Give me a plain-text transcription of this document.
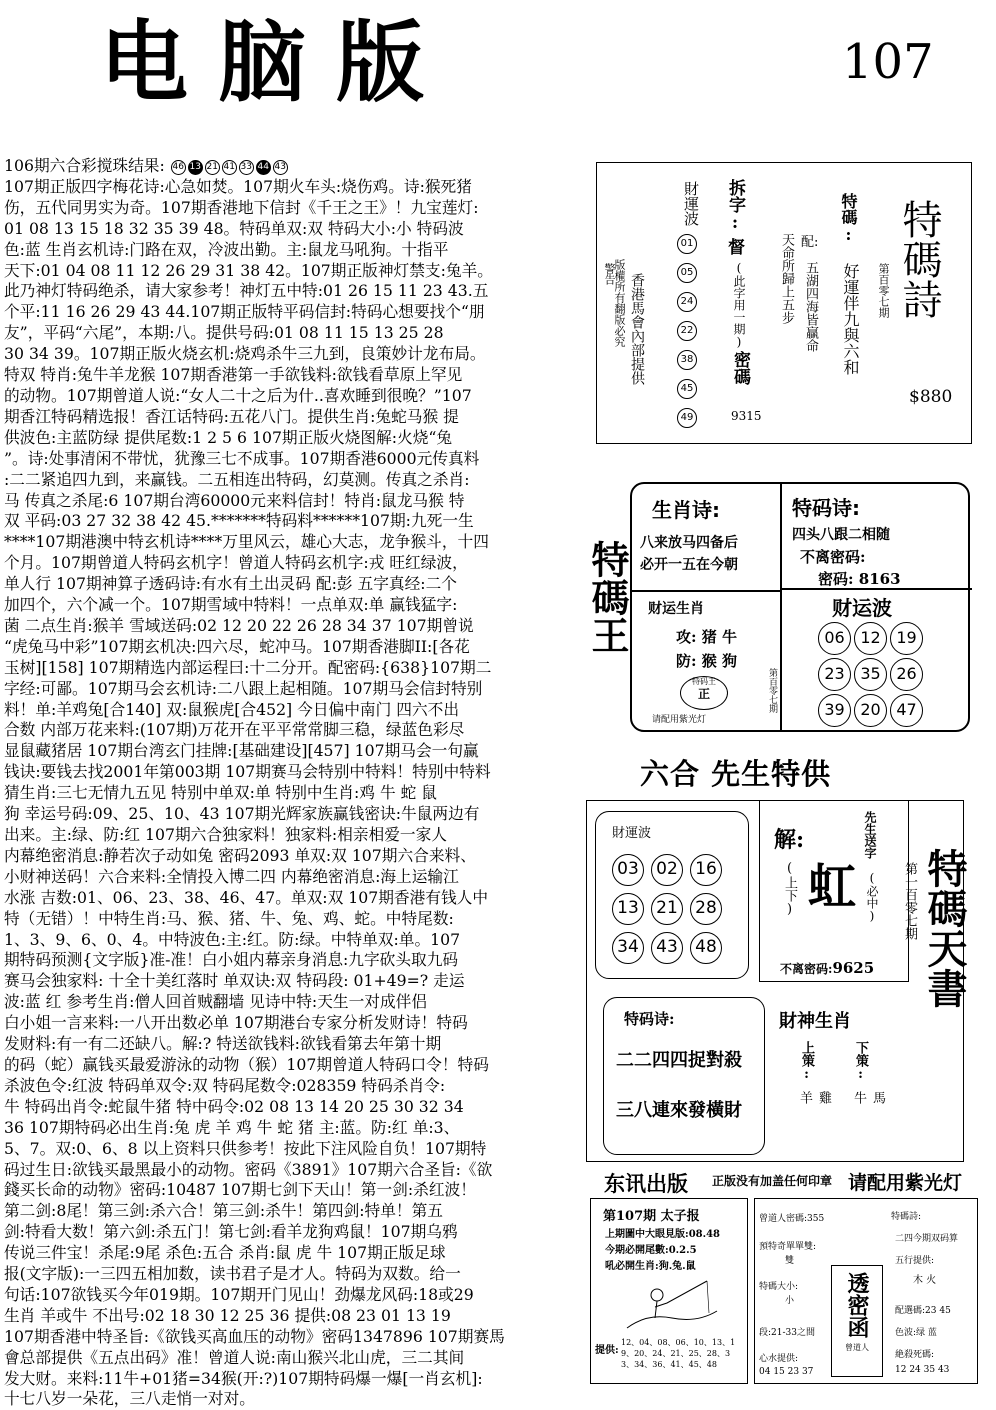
电脑版	107

106期六合彩搅珠结果: 46 13 21 41 33 44 43

107期正版四字梅花诗:心急如焚。107期火车头:烧伤鸡。诗:猴死猪

伤，五代同男实为奇。107期香港地下信封《千王之王》！九宝莲灯:

01 08 13 15 18 32 35 39 48。特码单双:双 特码大小:小 特码波

色:蓝 生肖玄机诗:门路在双，冷波出勤。主:鼠龙马吼狗。十指平

天下:01 04 08 11 12 26 29 31 38 42。107期正版神灯禁支:兔羊。

此乃神灯特码绝杀，请大家参考！神灯五中特:01 26 15 11 23 43.五

个平:11 16 26 29 43 44.107期正版特平码信封:特码心想要找个“朋

友”，平码“六尾”，本期:八。提供号码:01 08 11 15 13 25 28

30 34 39。107期正版火烧玄机:烧鸡杀牛三九到，良策妙计龙布局。

特双 特肖:兔牛羊龙猴 107期香港第一手欲钱料:欲钱看草原上罕见

的动物。107期曾道人说:“女人二十之后为什..喜欢睡到很晚？”107

期香江特码精选报！香江话特码:五花八门。提供生肖:兔蛇马猴 提

供波色:主蓝防绿 提供尾数:1 2 5 6 107期正版火烧图解:火烧“兔

”。诗:处事清闲不带忧，犹豫三七不成事。107期香港6000元传真料

:二二紧追四九到，来赢钱。二五相连出特码，幻莫测。传真之杀肖:

马 传真之杀尾:6 107期台湾60000元来料信封！特肖:鼠龙马猴 特

双 平码:03 27 32 38 42 45.*******特码料******107期:九死一生

****107期港澳中特玄机诗****万里风云，雄心大志，龙争猴斗，十四

个月。107期曾道人特码玄机字！曾道人特码玄机字:戎 旺红绿波，

单人行 107期神算子透码诗:有水有土出灵码 配:彭 五字真经:二个

加四个，六个减一个。107期雪域中特料！一点单双:单 赢钱猛字:

菌 二点生肖:猴羊 雪域送码:02 12 20 22 26 28 34 37 107期曾说

“虎兔马中彩”107期玄机决:四六尽，蛇冲马。107期香港脚II:[各花

玉树][158] 107期精选内部运程曰:十二分开。配密码:{638}107期二

字经:可鄙。107期马会玄机诗:二八跟上起相随。107期马会信封特别

料！单:羊鸡兔[合140] 双:鼠猴虎[合452] 今日偏中南门 四六不出

合数 内部万花来料:(107期)万花开在平平常常脚三稳，绿蓝色彩尽

显鼠藏猪居 107期台湾玄门挂牌:[基础建设][457] 107期马会一句赢

钱诀:要钱去找2001年第003期 107期赛马会特别中特料！特别中特料

猜生肖:三七无情九五见 特别中单双:单 特别中生肖:鸡 牛 蛇 鼠

狗 幸运号码:09、25、10、43 107期光辉家族赢钱密诀:牛鼠两边有

出来。主:绿、防:红 107期六合独家料！独家料:相亲相爱一家人

内幕绝密消息:静若次子动如兔 密码2093 单双:双 107期六合来料、

小财神送码！六合来料:全情投入博二四 内幕绝密消息:海上运输江

水涨 吉数:01、06、23、38、46、47。单双:双 107期香港有钱人中

特（无错）！中特生肖:马、猴、猪、牛、兔、鸡、蛇。中特尾数:

1、3、9、6、0、4。中特波色:主:红。防:绿。中特单双:单。107

期特码预测{文字版}准-准！白小姐内幕亲身消息:九字砍头取九码

赛马会独家料: 十全十美红落时 单双诀:双 特码段: 01+49=? 走运

波:蓝 红 参考生肖:僧人回首贼翻墙 见诗中特:天生一对成伴侣

白小姐一言来料:一八开出数必单 107期港台专家分析发财诗！特码

发财料:有一有二还缺八。解:? 特送欲钱料:欲钱看第去年第十期

的码（蛇）赢钱买最爱游泳的动物（猴）107期曾道人特码口令！特码

杀波色令:红波 特码单双令:双 特码尾数令:028359 特码杀肖令:

牛 特码出肖令:蛇鼠牛猪 特中码令:02 08 13 14 20 25 30 32 34

36 107期特码必出生肖:兔 虎 羊 鸡 牛 蛇 猪 主:蓝。防:红 单:3、

5、7。双:0、6、8 以上资料只供参考！按此下注风险自负！107期特

码过生日:欲钱买最黑最小的动物。密码《3891》107期六合圣旨:《欲

錢买长命的动物》密码:10487 107期七剑下天山！第一剑:杀红波！

第二剑:8尾！第三剑:杀六合！第三剑:杀牛！第四剑:特单！第五

剑:特看大数！第六剑:杀五门！第七剑:看羊龙狗鸡鼠！107期乌鸦

传说三件宝！杀尾:9尾 杀色:五合 杀肖:鼠 虎 牛 107期正版足球

报(文字版):一三四五相加数，读书君子是才人。特码为双数。给一

句话:107欲钱买今年019期。107期开门见山！劲爆龙风码:18或29

生肖 羊或牛 不出号:02 18 30 12 25 36 提供:08 23 01 13 19

107期香港中特圣旨:《欲钱买高血压的动物》密码1347896 107期赛馬

會总部提供《五点出码》准！曾道人说:南山猴兴北山虎，三二其间

发大财。来料:11牛+01猪=34猴(开:?)107期特码爆一爆[一肖玄机]:

十七八岁一朵花，三八走悄一对对。

警告
版權所有翻版必究 香港馬會內部提供
財運波
01
05
24
22
38
45
49

拆字:
督
(此字用一期)
密碼
9315
天命所歸上五步 配:
五湖四海皆贏命
特碼:
好運伴九與六和 第百零七期 特碼詩
$880
特碼王
生肖诗:
八来放马四备后
必开一五在今朝
特码诗:
四头八跟二相随
不离密码:
密码: 8163
财运生肖
攻: 猪 牛
防: 猴 狗
特码王
正
请配用紫光灯
第百零七期
财运波
06 12 19
23 35 26
39 20 47

六合 先生特供
財運波
03 02 16
13 21 28
34 43 48

解:
(上下) 虹
先生送字
(必中)
不离密码:9625
特码诗:
二二四四捉對殺
三八連來發橫財
財神生肖
上策:
雞 羊
下策:
馬 牛
特碼天書
第一百零七期
东讯出版 正版没有加盖任何印章 请配用紫光灯
第107期 太子报
上期圖中大眼見版:08.48
今期必開尾數:0.2.5
吼必開生肖:狗.兔.鼠
提供:
12、04、08、06、10、13、19、20、24、21、25、28、33、34、36、41、45、48
曾道人密碼:355
預特奇單單雙:
雙
特碼大小:
小
段:21-33之間
心水提供:
04 15 23 37
透密函
曾道人
特碼詩:
二四今期双码算
五行提供:
木 火
配選碼:23 45
色波:绿 蓝
絶殺死碼:
12 24 35 43
